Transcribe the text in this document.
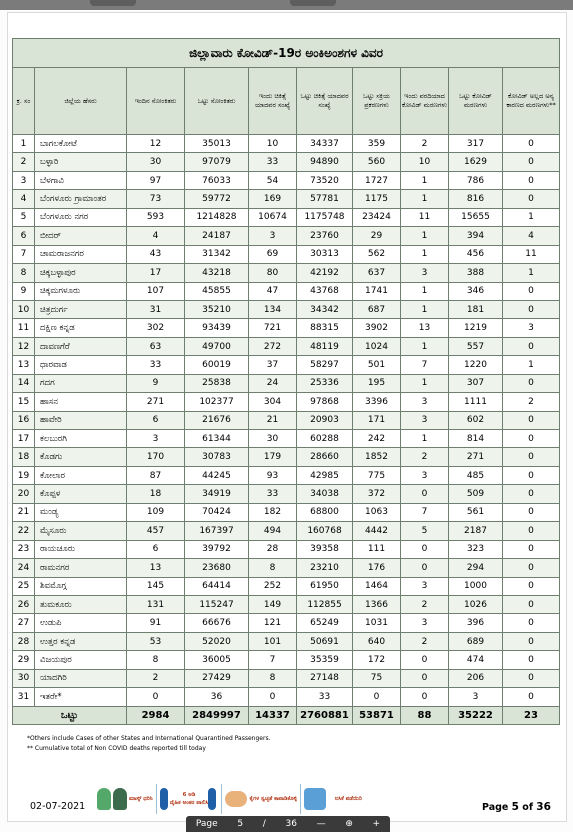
ಜಿಲ್ಲಾವಾರು ಕೋವಿಡ್-19ರ ಅಂಕಿಅಂಶಗಳ ವಿವರ									
ಕ್ರ. ಸಂ	ಜಿಲ್ಲೆಯ ಹೆಸರು	ಇಂದಿನ ಸೋಂಕಿತರು	ಒಟ್ಟು ಸೋಂಕಿತರು	ಇಂದು ಚಿಕಿತ್ಸೆ ಯಾದವರ ಸಂಖ್ಯೆ	ಒಟ್ಟು ಚಿಕಿತ್ಸೆ ಯಾದವರ ಸಂಖ್ಯೆ	ಒಟ್ಟು ಸಕ್ರಿಯ ಪ್ರಕರಣಗಳು	ಇಂದು ವರದಿಯಾದ ಕೋವಿಡ್ ಮರಣಗಳು	ಒಟ್ಟು ಕೋವಿಡ್ ಮರಣಗಳು	ಕೋವಿಡ್ ಅಲ್ಲದ ಅನ್ಯ ಕಾರಣದ ಮರಣಗಳು**
1	ಬಾಗಲಕೋಟೆ	12	35013	10	34337	359	2	317	0
2	ಬಳ್ಳಾರಿ	30	97079	33	94890	560	10	1629	0
3	ಬೆಳಗಾವಿ	97	76033	54	73520	1727	1	786	0
4	ಬೆಂಗಳೂರು ಗ್ರಾಮಾಂತರ	73	59772	169	57781	1175	1	816	0
5	ಬೆಂಗಳೂರು ನಗರ	593	1214828	10674	1175748	23424	11	15655	1
6	ಬೀದರ್	4	24187	3	23760	29	1	394	4
7	ಚಾಮರಾಜನಗರ	43	31342	69	30313	562	1	456	11
8	ಚಿಕ್ಕಬಳ್ಳಾಪುರ	17	43218	80	42192	637	3	388	1
9	ಚಿಕ್ಕಮಗಳೂರು	107	45855	47	43768	1741	1	346	0
10	ಚಿತ್ರದುರ್ಗ	31	35210	134	34342	687	1	181	0
11	ದಕ್ಷಿಣ ಕನ್ನಡ	302	93439	721	88315	3902	13	1219	3
12	ದಾವಣಗೆರೆ	63	49700	272	48119	1024	1	557	0
13	ಧಾರವಾಡ	33	60019	37	58297	501	7	1220	1
14	ಗದಗ	9	25838	24	25336	195	1	307	0
15	ಹಾಸನ	271	102377	304	97868	3396	3	1111	2
16	ಹಾವೇರಿ	6	21676	21	20903	171	3	602	0
17	ಕಲಬುರಗಿ	3	61344	30	60288	242	1	814	0
18	ಕೊಡಗು	170	30783	179	28660	1852	2	271	0
19	ಕೋಲಾರ	87	44245	93	42985	775	3	485	0
20	ಕೊಪ್ಪಳ	18	34919	33	34038	372	0	509	0
21	ಮಂಡ್ಯ	109	70424	182	68800	1063	7	561	0
22	ಮೈಸೂರು	457	167397	494	160768	4442	5	2187	0
23	ರಾಯಚೂರು	6	39792	28	39358	111	0	323	0
24	ರಾಮನಗರ	13	23680	8	23210	176	0	294	0
25	ಶಿವಮೊಗ್ಗ	145	64414	252	61950	1464	3	1000	0
26	ತುಮಕೂರು	131	115247	149	112855	1366	2	1026	0
27	ಉಡುಪಿ	91	66676	121	65249	1031	3	396	0
28	ಉತ್ತರ ಕನ್ನಡ	53	52020	101	50691	640	2	689	0
29	ವಿಜಯಪುರ	8	36005	7	35359	172	0	474	0
30	ಯಾದಗಿರಿ	2	27429	8	27148	75	0	206	0
31	ಇತರೇ*	0	36	0	33	0	0	3	0
ಒಟ್ಟು		2984	2849997	14337	2760881	53871	88	35222	23
*Others include Cases of other States and International Quarantined Passengers.
** Cumulative total of Non COVID deaths reported till today
02-07-2021
ಮಾಸ್ಕ್ ಧರಿಸಿ
6 ಅಡಿ
ದೈಹಿಕ ಅಂತರ ಪಾಲಿಸಿ
ಕೈಗಳ ಸ್ವಚ್ಛತೆ ಕಾಪಾಡಿಕೊಳ್ಳಿ	ಲಸಿಕೆ ಪಡೆಯಿರಿ
Page 5 of 36
Page 5 / 36 — ⊕ +
